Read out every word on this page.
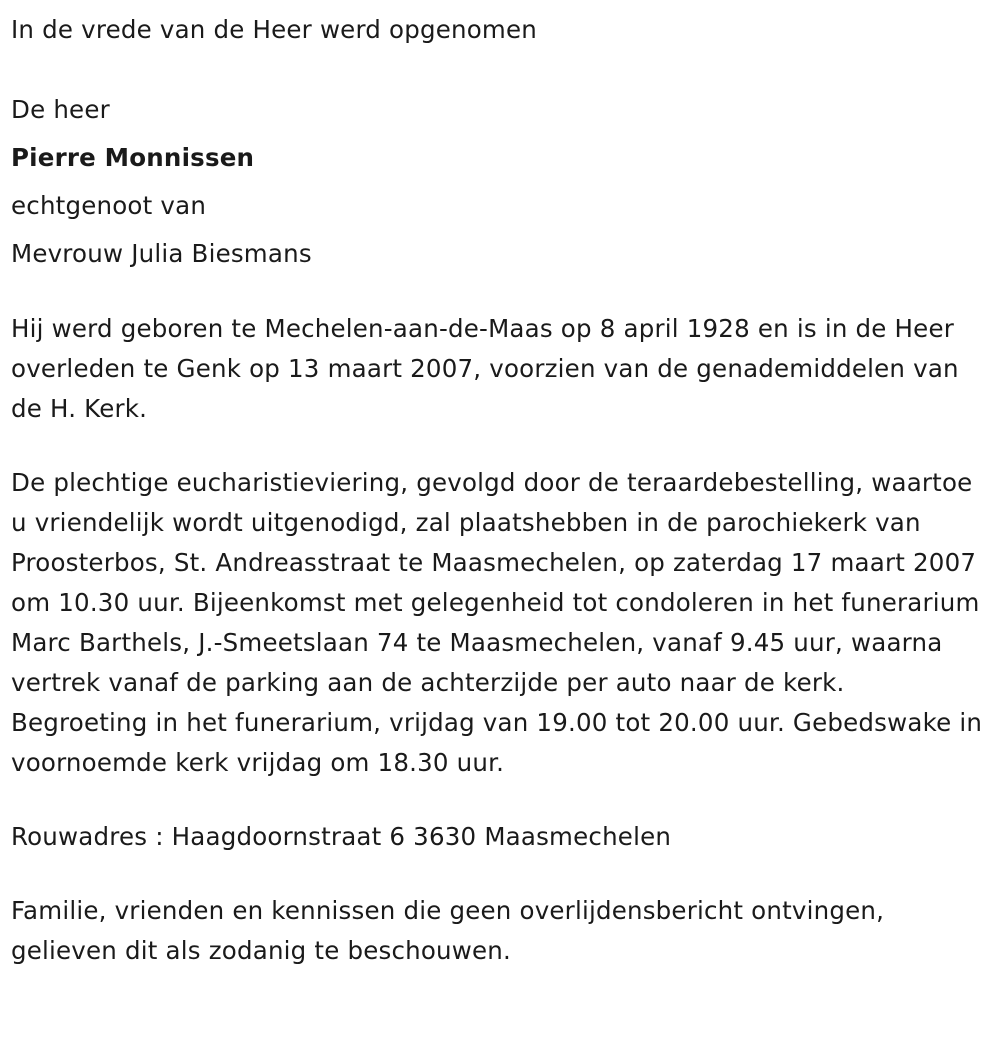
In de vrede van de Heer werd opgenomen
De heer
Pierre Monnissen
echtgenoot van
Mevrouw Julia Biesmans

Hij werd geboren te Mechelen-aan-de-Maas op 8 april 1928 en is in de Heer overleden te Genk op 13 maart 2007, voorzien van de genademiddelen van de H. Kerk.

De plechtige eucharistieviering, gevolgd door de teraardebestelling, waartoe u vriendelijk wordt uitgenodigd, zal plaatshebben in de parochiekerk van Proosterbos, St. Andreasstraat te Maasmechelen, op zaterdag 17 maart 2007 om 10.30 uur. Bijeenkomst met gelegenheid tot condoleren in het funerarium Marc Barthels, J.-Smeetslaan 74 te Maasmechelen, vanaf 9.45 uur, waarna vertrek vanaf de parking aan de achterzijde per auto naar de kerk. Begroeting in het funerarium, vrijdag van 19.00 tot 20.00 uur. Gebedswake in voornoemde kerk vrijdag om 18.30 uur.

Rouwadres : Haagdoornstraat 6 3630 Maasmechelen

Familie, vrienden en kennissen die geen overlijdensbericht ontvingen, gelieven dit als zodanig te beschouwen.
